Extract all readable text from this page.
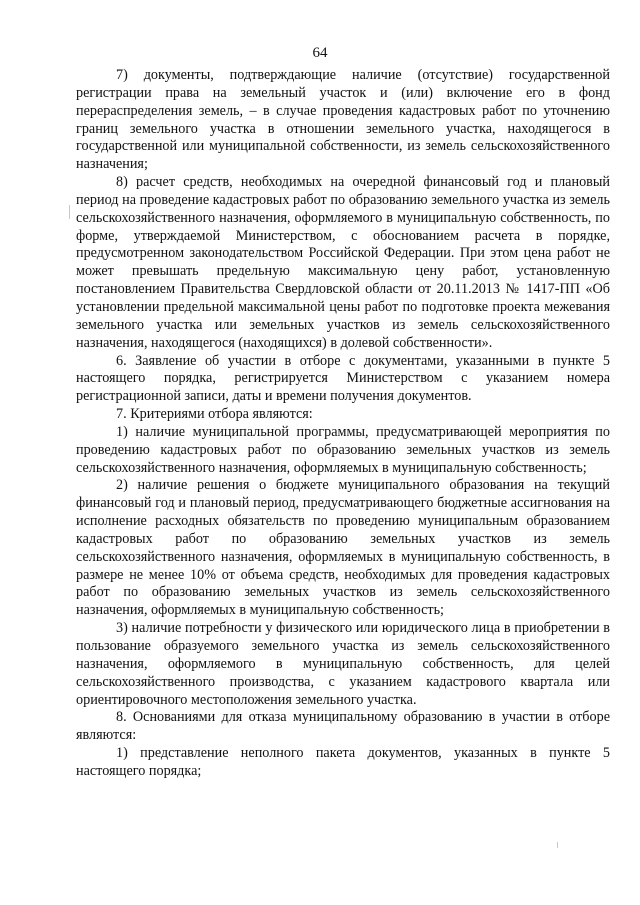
64

7) документы, подтверждающие наличие (отсутствие) государственной регистрации права на земельный участок и (или) включение его в фонд перераспределения земель, – в случае проведения кадастровых работ по уточнению границ земельного участка в отношении земельного участка, находящегося в государственной или муниципальной собственности, из земель сельскохозяйственного назначения;

8) расчет средств, необходимых на очередной финансовый год и плановый период на проведение кадастровых работ по образованию земельного участка из земель сельскохозяйственного назначения, оформляемого в муниципальную собственность, по форме, утверждаемой Министерством, с обоснованием расчета в порядке, предусмотренном законодательством Российской Федерации. При этом цена работ не может превышать предельную максимальную цену работ, установленную постановлением Правительства Свердловской области от 20.11.2013 № 1417-ПП «Об установлении предельной максимальной цены работ по подготовке проекта межевания земельного участка или земельных участков из земель сельскохозяйственного назначения, находящегося (находящихся) в долевой собственности».

6. Заявление об участии в отборе с документами, указанными в пункте 5 настоящего порядка, регистрируется Министерством с указанием номера регистрационной записи, даты и времени получения документов.

7. Критериями отбора являются:

1) наличие муниципальной программы, предусматривающей мероприятия по проведению кадастровых работ по образованию земельных участков из земель сельскохозяйственного назначения, оформляемых в муниципальную собственность;

2) наличие решения о бюджете муниципального образования на текущий финансовый год и плановый период, предусматривающего бюджетные ассигнования на исполнение расходных обязательств по проведению муниципальным образованием кадастровых работ по образованию земельных участков из земель сельскохозяйственного назначения, оформляемых в муниципальную собственность, в размере не менее 10% от объема средств, необходимых для проведения кадастровых работ по образованию земельных участков из земель сельскохозяйственного назначения, оформляемых в муниципальную собственность;

3) наличие потребности у физического или юридического лица в приобретении в пользование образуемого земельного участка из земель сельскохозяйственного назначения, оформляемого в муниципальную собственность, для целей сельскохозяйственного производства, с указанием кадастрового квартала или ориентировочного местоположения земельного участка.

8. Основаниями для отказа муниципальному образованию в участии в отборе являются:

1) представление неполного пакета документов, указанных в пункте 5 настоящего порядка;
